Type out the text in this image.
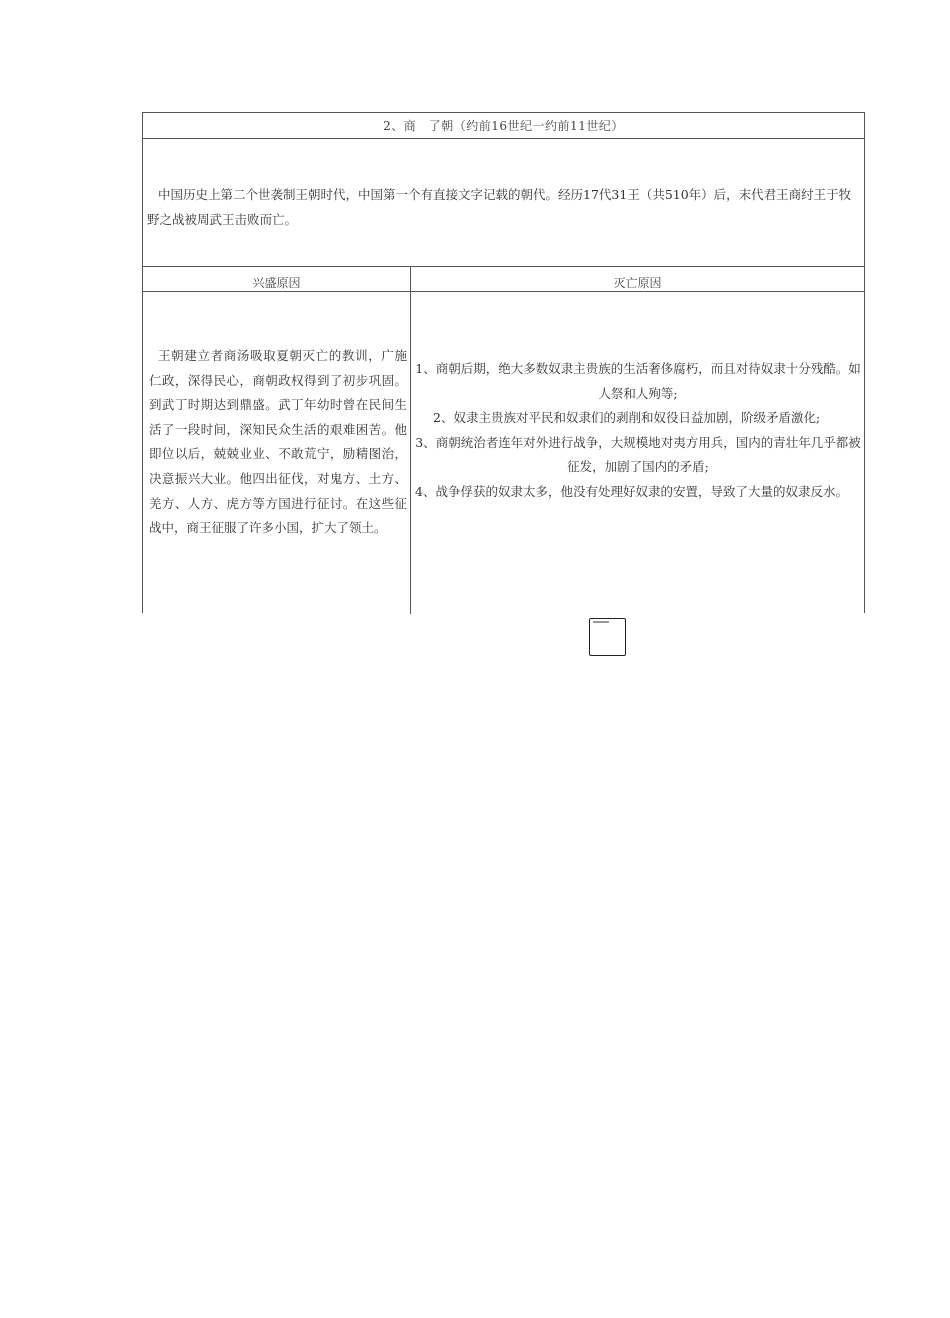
2、商　了朝（约前16世纪一约前11世纪）

中国历史上第二个世袭制王朝时代，中国第一个有直接文字记载的朝代。经历17代31王（共510年）后，末代君王商纣王于牧野之战被周武王击败而亡。

兴盛原因	灭亡原因

王朝建立者商汤吸取夏朝灭亡的教训，广施仁政，深得民心，商朝政权得到了初步巩固。到武丁时期达到鼎盛。武丁年幼时曾在民间生活了一段时间，深知民众生活的艰难困苦。他即位以后，兢兢业业、不敢荒宁，励精图治，决意振兴大业。他四出征伐，对鬼方、土方、羌方、人方、虎方等方国进行征讨。在这些征战中，商王征服了许多小国，扩大了领土。

1、商朝后期，绝大多数奴隶主贵族的生活奢侈腐朽，而且对待奴隶十分残酷。如人祭和人殉等;
2、奴隶主贵族对平民和奴隶们的剥削和奴役日益加剧，阶级矛盾激化;
3、商朝统治者连年对外进行战争，大规模地对夷方用兵，国内的青壮年几乎都被征发，加剧了国内的矛盾;
4、战争俘获的奴隶太多，他没有处理好奴隶的安置，导致了大量的奴隶反水。
